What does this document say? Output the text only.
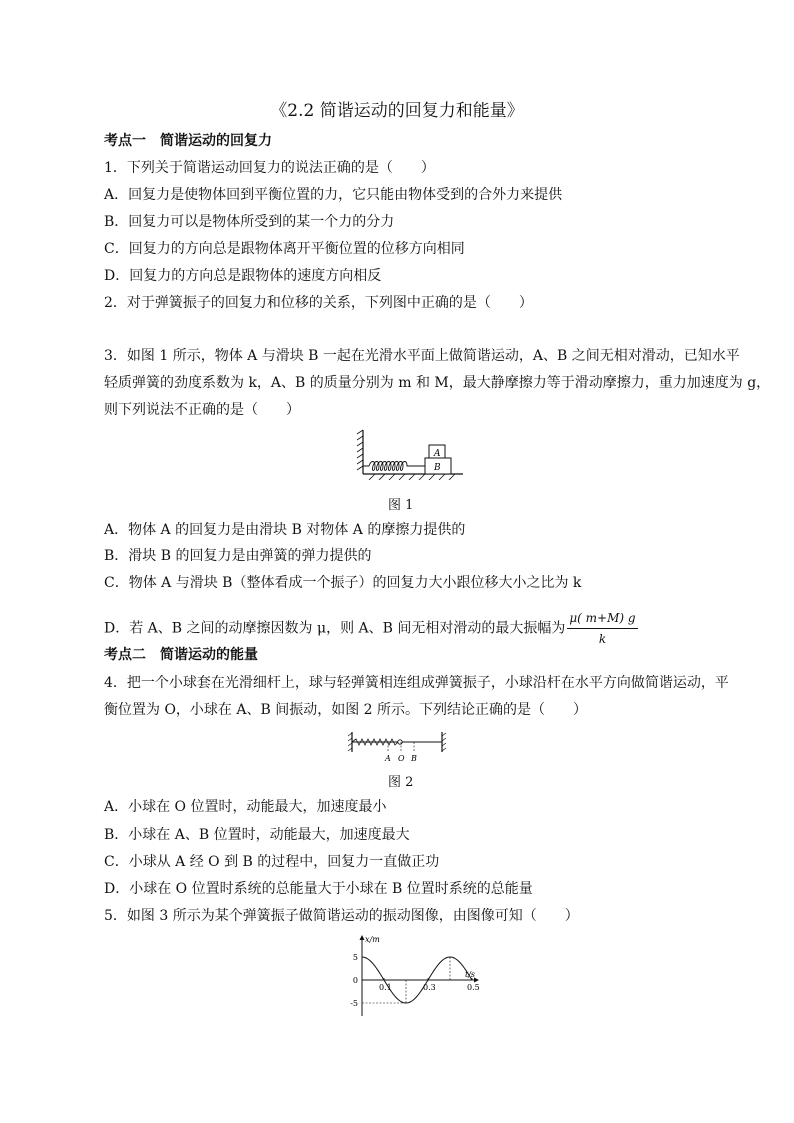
《2.2 简谐运动的回复力和能量》
考点一　简谐运动的回复力
1．下列关于简谐运动回复力的说法正确的是（　　）
A．回复力是使物体回到平衡位置的力，它只能由物体受到的合外力来提供
B．回复力可以是物体所受到的某一个力的分力
C．回复力的方向总是跟物体离开平衡位置的位移方向相同
D．回复力的方向总是跟物体的速度方向相反
2．对于弹簧振子的回复力和位移的关系，下列图中正确的是（　　）
3．如图 1 所示，物体 A 与滑块 B 一起在光滑水平面上做简谐运动，A、B 之间无相对滑动，已知水平
轻质弹簧的劲度系数为 k，A、B 的质量分别为 m 和 M，最大静摩擦力等于滑动摩擦力，重力加速度为 g，
则下列说法不正确的是（　　）
A
B
图 1
A．物体 A 的回复力是由滑块 B 对物体 A 的摩擦力提供的
B．滑块 B 的回复力是由弹簧的弹力提供的
C．物体 A 与滑块 B（整体看成一个振子）的回复力大小跟位移大小之比为 k
D．若 A、B 之间的动摩擦因数为 μ，则 A、B 间无相对滑动的最大振幅为 $\frac{\mu( m+M) g}{k}$
考点二　简谐运动的能量
4．把一个小球套在光滑细杆上，球与轻弹簧相连组成弹簧振子，小球沿杆在水平方向做简谐运动，平
衡位置为 O，小球在 A、B 间振动，如图 2 所示。下列结论正确的是（　　）
A O B
图 2
A．小球在 O 位置时，动能最大，加速度最小
B．小球在 A、B 位置时，动能最大，加速度最大
C．小球从 A 经 O 到 B 的过程中，回复力一直做正功
D．小球在 O 位置时系统的总能量大于小球在 B 位置时系统的总能量
5．如图 3 所示为某个弹簧振子做简谐运动的振动图像，由图像可知（　　）
x/m
t/s
5
0
-5
0.1	0.3	0.5
